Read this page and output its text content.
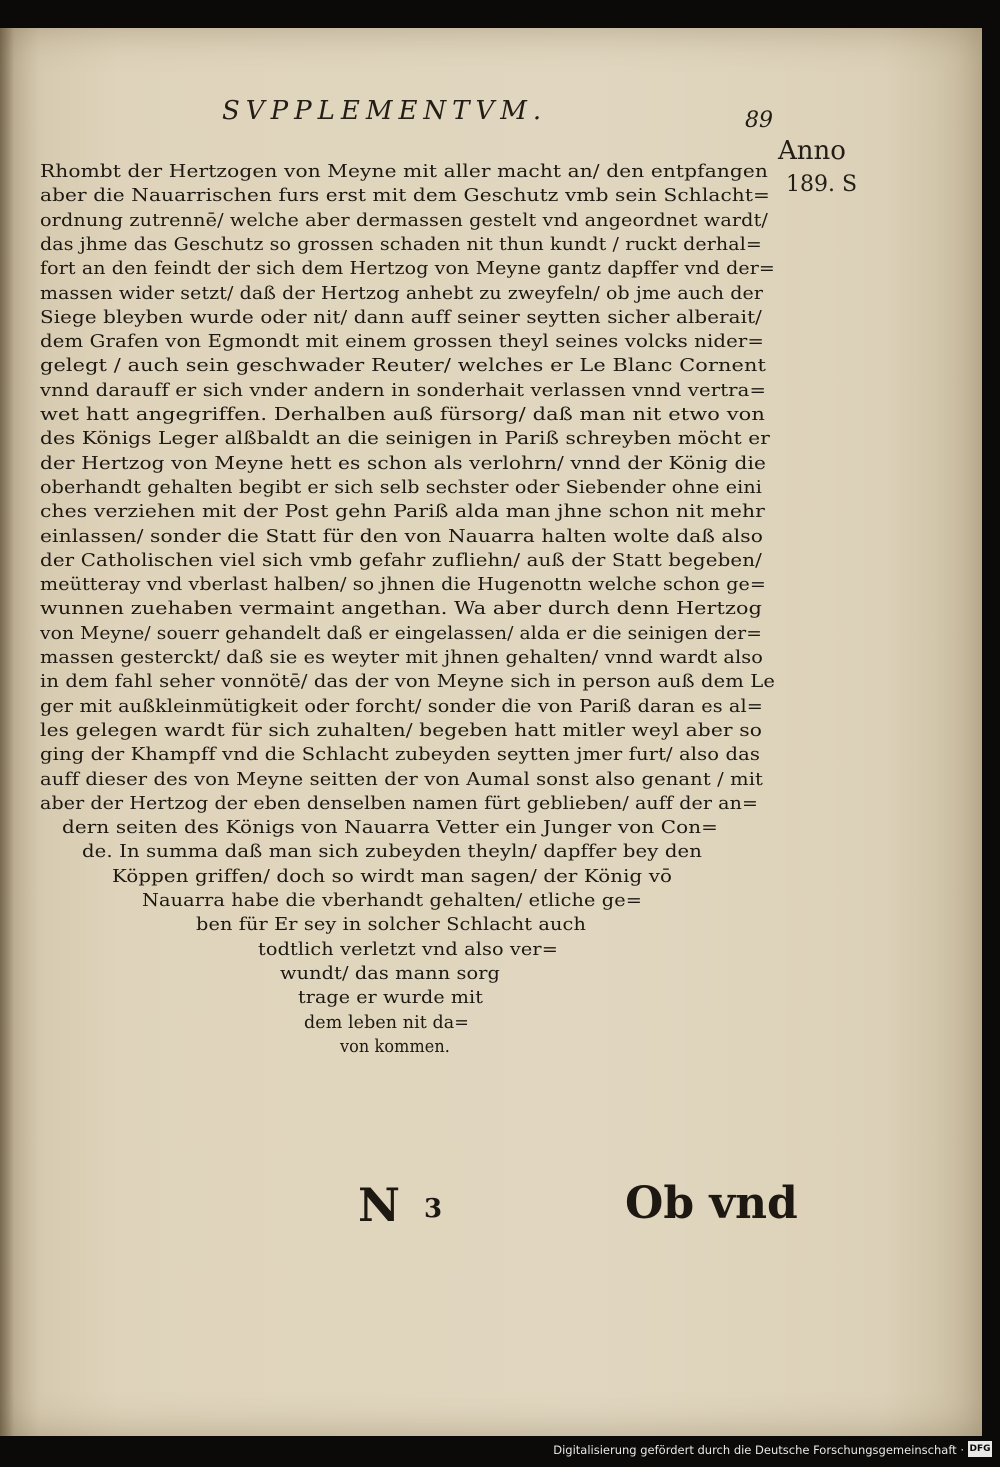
SVPPLEMENTVM.	89
Anno
189. S
Rhombt der Hertzogen von Meyne mit aller macht an/ den entpfangen
aber die Nauarrischen furs erst mit dem Geschutz vmb sein Schlacht=
ordnung zutrennē/ welche aber dermassen gestelt vnd angeordnet wardt/
das jhme das Geschutz so grossen schaden nit thun kundt / ruckt derhal=
fort an den feindt der sich dem Hertzog von Meyne gantz dapffer vnd der=
massen wider setzt/ daß der Hertzog anhebt zu zweyfeln/ ob jme auch der
Siege bleyben wurde oder nit/ dann auff seiner seytten sicher alberait/
dem Grafen von Egmondt mit einem grossen theyl seines volcks nider=
gelegt / auch sein geschwader Reuter/ welches er Le Blanc Cornent
vnnd darauff er sich vnder andern in sonderhait verlassen vnnd vertra=
wet hatt angegriffen. Derhalben auß fürsorg/ daß man nit etwo von
des Königs Leger alßbaldt an die seinigen in Pariß schreyben möcht er
der Hertzog von Meyne hett es schon als verlohrn/ vnnd der König die
oberhandt gehalten begibt er sich selb sechster oder Siebender ohne eini
ches verziehen mit der Post gehn Pariß alda man jhne schon nit mehr
einlassen/ sonder die Statt für den von Nauarra halten wolte daß also
der Catholischen viel sich vmb gefahr zufliehn/ auß der Statt begeben/
meütteray vnd vberlast halben/ so jhnen die Hugenottn welche schon ge=
wunnen zuehaben vermaint angethan. Wa aber durch denn Hertzog
von Meyne/ souerr gehandelt daß er eingelassen/ alda er die seinigen der=
massen gesterckt/ daß sie es weyter mit jhnen gehalten/ vnnd wardt also
in dem fahl seher vonnötē/ das der von Meyne sich in person auß dem Le
ger mit außkleinmütigkeit oder forcht/ sonder die von Pariß daran es al=
les gelegen wardt für sich zuhalten/ begeben hatt mitler weyl aber so
ging der Khampff vnd die Schlacht zubeyden seytten jmer furt/ also das
auff dieser des von Meyne seitten der von Aumal sonst also genant / mit
aber der Hertzog der eben denselben namen fürt geblieben/ auff der an=
dern seiten des Königs von Nauarra Vetter ein Junger von Con=
de. In summa daß man sich zubeyden theyln/ dapffer bey den
Köppen griffen/ doch so wirdt man sagen/ der König vō
Nauarra habe die vberhandt gehalten/ etliche ge=
ben für Er sey in solcher Schlacht auch
todtlich verletzt vnd also ver=
wundt/ das mann sorg
trage er wurde mit
dem leben nit da=
von kommen.
N 3	Ob vnd
Digitalisierung gefördert durch die Deutsche Forschungsgemeinschaft · DFG
